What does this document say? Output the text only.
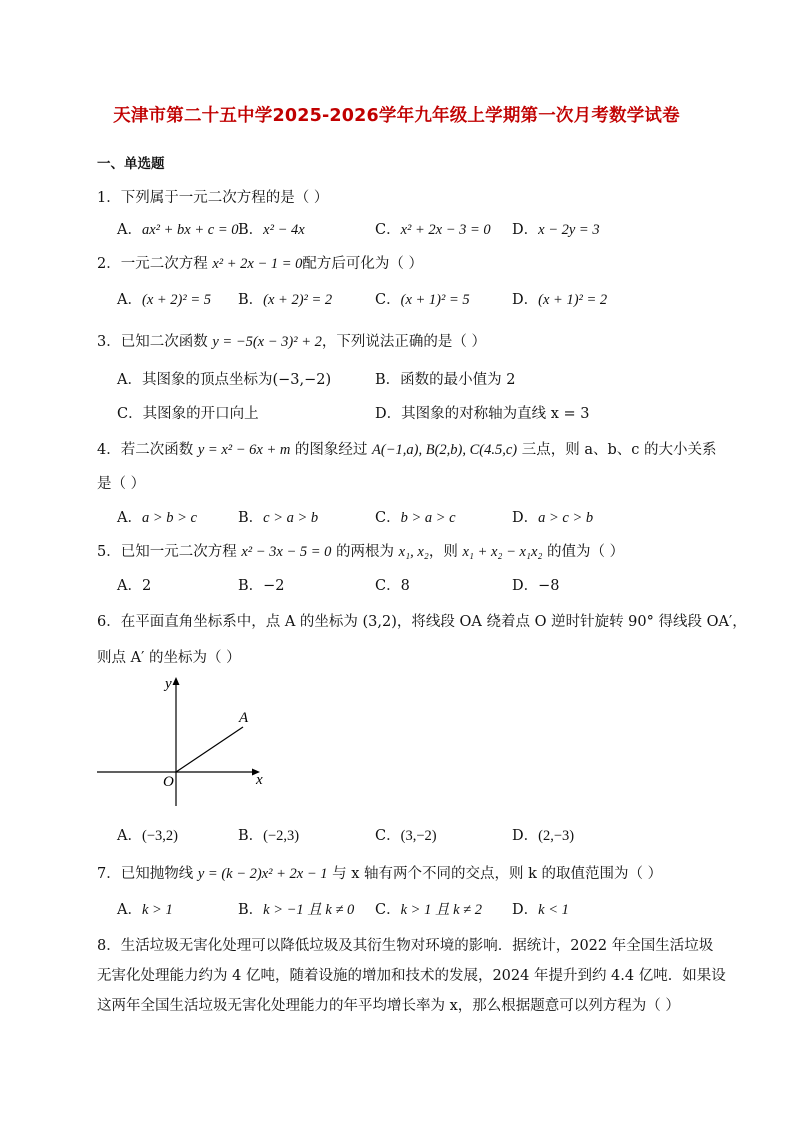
天津市第二十五中学2025-2026学年九年级上学期第一次月考数学试卷
一、单选题
1．下列属于一元二次方程的是（ ）
A．ax² + bx + c = 0 B．x² − 4x	C．x² + 2x − 3 = 0 D．x − 2y = 3
2．一元二次方程 x² + 2x − 1 = 0配方后可化为（ ）
A．(x + 2)² = 5 B．(x + 2)² = 2	C．(x + 1)² = 5	D．(x + 1)² = 2
3．已知二次函数 y = −5(x − 3)² + 2，下列说法正确的是（ ）
A．其图象的顶点坐标为(−3,−2)	B．函数的最小值为 2
C．其图象的开口向上	D．其图象的对称轴为直线 x = 3
4．若二次函数 y = x² − 6x + m 的图象经过 A(−1,a), B(2,b), C(4.5,c) 三点，则 a、b、c 的大小关系
是（ ）
A．a > b > c	B．c > a > b	C．b > a > c	D．a > c > b
5．已知一元二次方程 x² − 3x − 5 = 0 的两根为 x₁, x₂，则 x₁ + x₂ − x₁x₂ 的值为（ ）
A．2	B．−2	C．8	D．−8
6．在平面直角坐标系中，点 A 的坐标为 (3,2)，将线段 OA 绕着点 O 逆时针旋转 90° 得线段 OA′，
则点 A′ 的坐标为（ ）
y
x
O
A
A．(−3,2)	B．(−2,3)	C．(3,−2)	D．(2,−3)
7．已知抛物线 y = (k − 2)x² + 2x − 1 与 x 轴有两个不同的交点，则 k 的取值范围为（ ）
A．k > 1	B．k > −1 且 k ≠ 0 C．k > 1 且 k ≠ 2 D．k < 1
8．生活垃圾无害化处理可以降低垃圾及其衍生物对环境的影响．据统计，2022 年全国生活垃圾
无害化处理能力约为 4 亿吨，随着设施的增加和技术的发展，2024 年提升到约 4.4 亿吨．如果设
这两年全国生活垃圾无害化处理能力的年平均增长率为 x，那么根据题意可以列方程为（ ）
